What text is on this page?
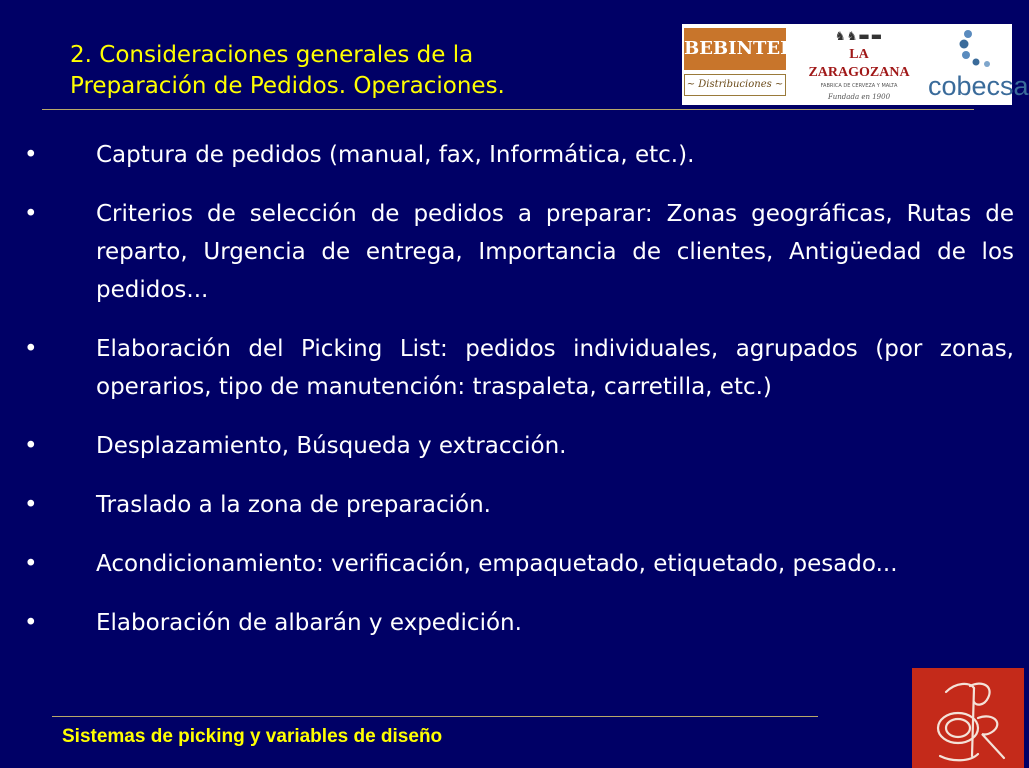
2. Consideraciones generales de la
Preparación de Pedidos. Operaciones.
BEBINTER
~ Distribuciones ~
♞♞▬▬
LA ZARAGOZANA
FABRICA DE CERVEZA Y MALTA
Fundada en 1900	cobecsa
•	Captura de pedidos (manual, fax, Informática, etc.).
•	Criterios de selección de pedidos a preparar: Zonas geográficas, Rutas de reparto, Urgencia de entrega, Importancia de clientes, Antigüedad de los pedidos...
•	Elaboración del Picking List: pedidos individuales, agrupados (por zonas, operarios, tipo de manutención: traspaleta, carretilla, etc.)
•	Desplazamiento, Búsqueda y extracción.
•	Traslado a la zona de preparación.
•	Acondicionamiento: verificación, empaquetado, etiquetado, pesado...
•	Elaboración de albarán y expedición.
Sistemas de picking y variables de diseño
